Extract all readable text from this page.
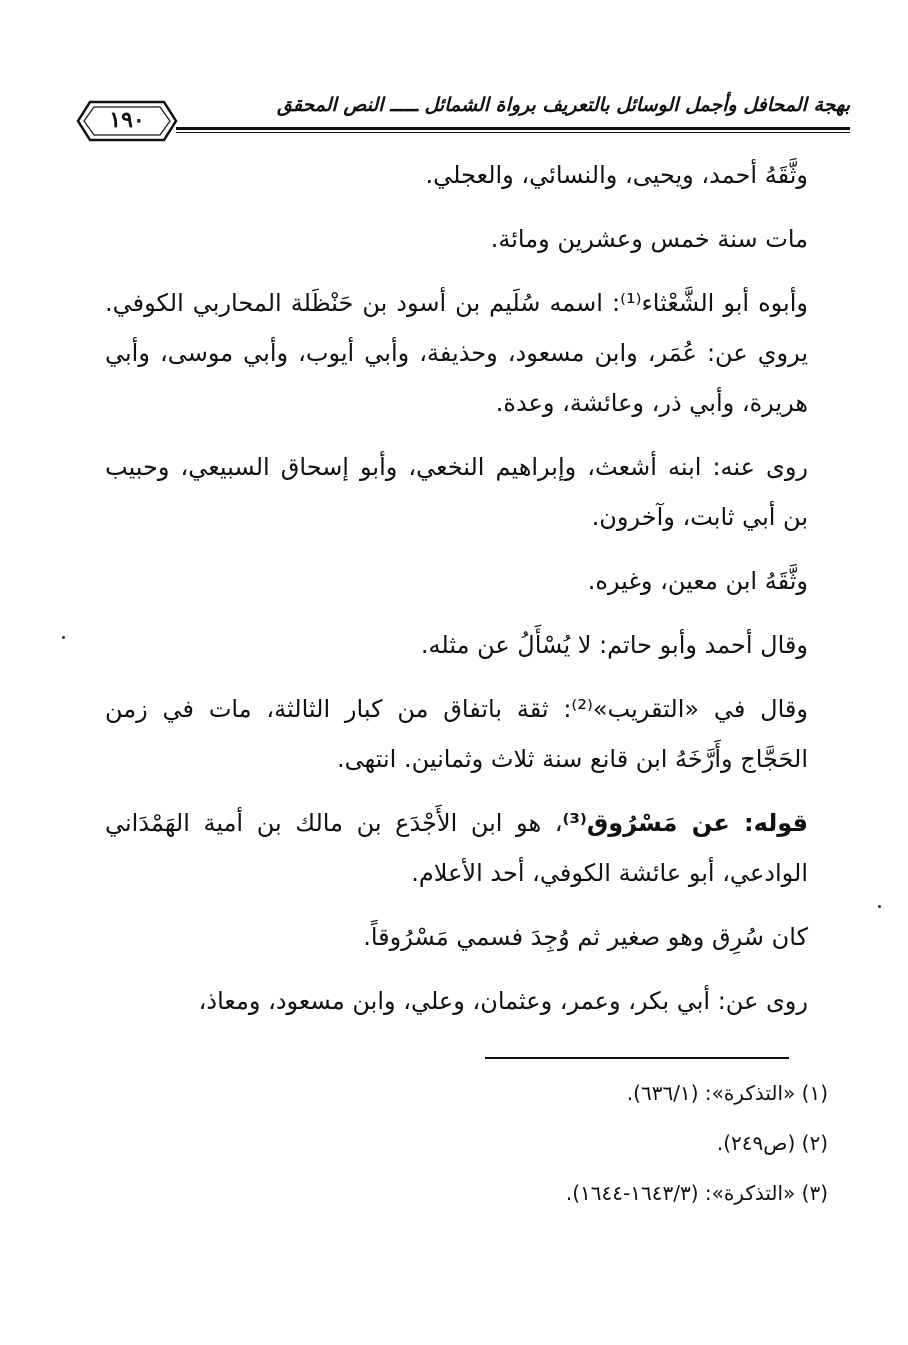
بهجة المحافل وأجمل الوسائل بالتعريف برواة الشمائل ـــــ النص المحقق
١٩٠

وثَّقَهُ أحمد، ويحيى، والنسائي، والعجلي.

مات سنة خمس وعشرين ومائة.

وأبوه أبو الشَّعْثاء⁽¹⁾: اسمه سُلَيم بن أسود بن حَنْظَلة المحاربي الكوفي. يروي عن: عُمَر، وابن مسعود، وحذيفة، وأبي أيوب، وأبي موسى، وأبي هريرة، وأبي ذر، وعائشة، وعدة.

روى عنه: ابنه أشعث، وإبراهيم النخعي، وأبو إسحاق السبيعي، وحبيب بن أبي ثابت، وآخرون.

وثَّقَهُ ابن معين، وغيره.

وقال أحمد وأبو حاتم: لا يُسْأَلُ عن مثله.

وقال في «التقريب»⁽²⁾: ثقة باتفاق من كبار الثالثة، مات في زمن الحَجَّاج وأَرَّخَهُ ابن قانع سنة ثلاث وثمانين. انتهى.

قوله: عن مَسْرُوق⁽³⁾، هو ابن الأَجْدَع بن مالك بن أمية الهَمْدَاني الوادعي، أبو عائشة الكوفي، أحد الأعلام.

كان سُرِق وهو صغير ثم وُجِدَ فسمي مَسْرُوقاً.

روى عن: أبي بكر، وعمر، وعثمان، وعلي، وابن مسعود، ومعاذ،

(١) «التذكرة»: (٦٣٦/١).

(٢) (ص٢٤٩).

(٣) «التذكرة»: (١٦٤٣/٣-١٦٤٤).
